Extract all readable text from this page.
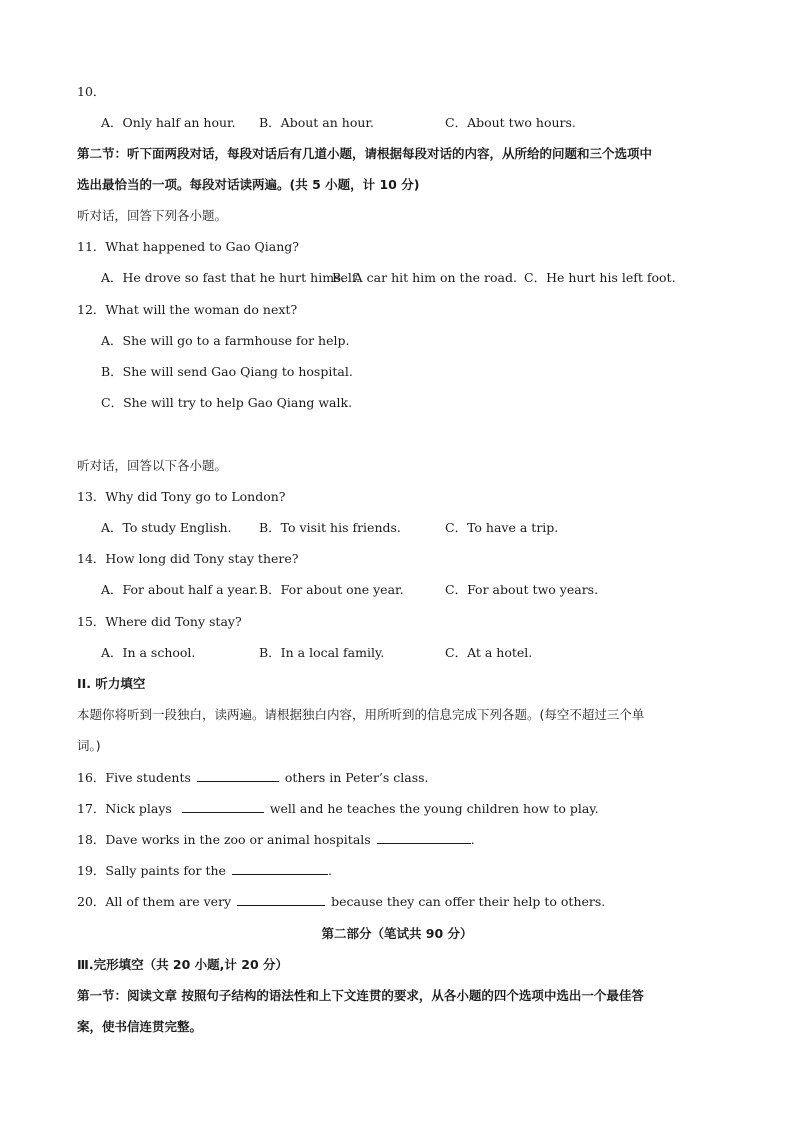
10．
A．Only half an hour. B．About an hour.	C．About two hours.
第二节：听下面两段对话，每段对话后有几道小题，请根据每段对话的内容，从所给的问题和三个选项中
选出最恰当的一项。每段对话读两遍。(共 5 小题，计 10 分)
听对话，回答下列各小题。
11．What happened to Gao Qiang?
A．He drove so fast that he hurt himself.
B．A car hit him on the road. C．He hurt his left foot.
12．What will the woman do next?
A．She will go to a farmhouse for help.
B．She will send Gao Qiang to hospital.
C．She will try to help Gao Qiang walk.
听对话，回答以下各小题。
13．Why did Tony go to London?
A．To study English. B．To visit his friends.	C．To have a trip.
14．How long did Tony stay there?
A．For about half a year. B．For about one year.	C．For about two years.
15．Where did Tony stay?
A．In a school.	B．In a local family.	C．At a hotel.
II. 听力填空
本题你将听到一段独白，读两遍。请根据独白内容，用所听到的信息完成下列各题。(每空不超过三个单
词。)
16．Five students	others in Peter’s class.
17．Nick plays	well and he teaches the young children how to play.
18．Dave works in the zoo or animal hospitals	.
19．Sally paints for the	.
20．All of them are very	because they can offer their help to others.
第二部分（笔试共 90 分）
Ⅲ.完形填空（共 20 小题,计 20 分）
第一节：阅读文章 按照句子结构的语法性和上下文连贯的要求，从各小题的四个选项中选出一个最佳答
案，使书信连贯完整。
